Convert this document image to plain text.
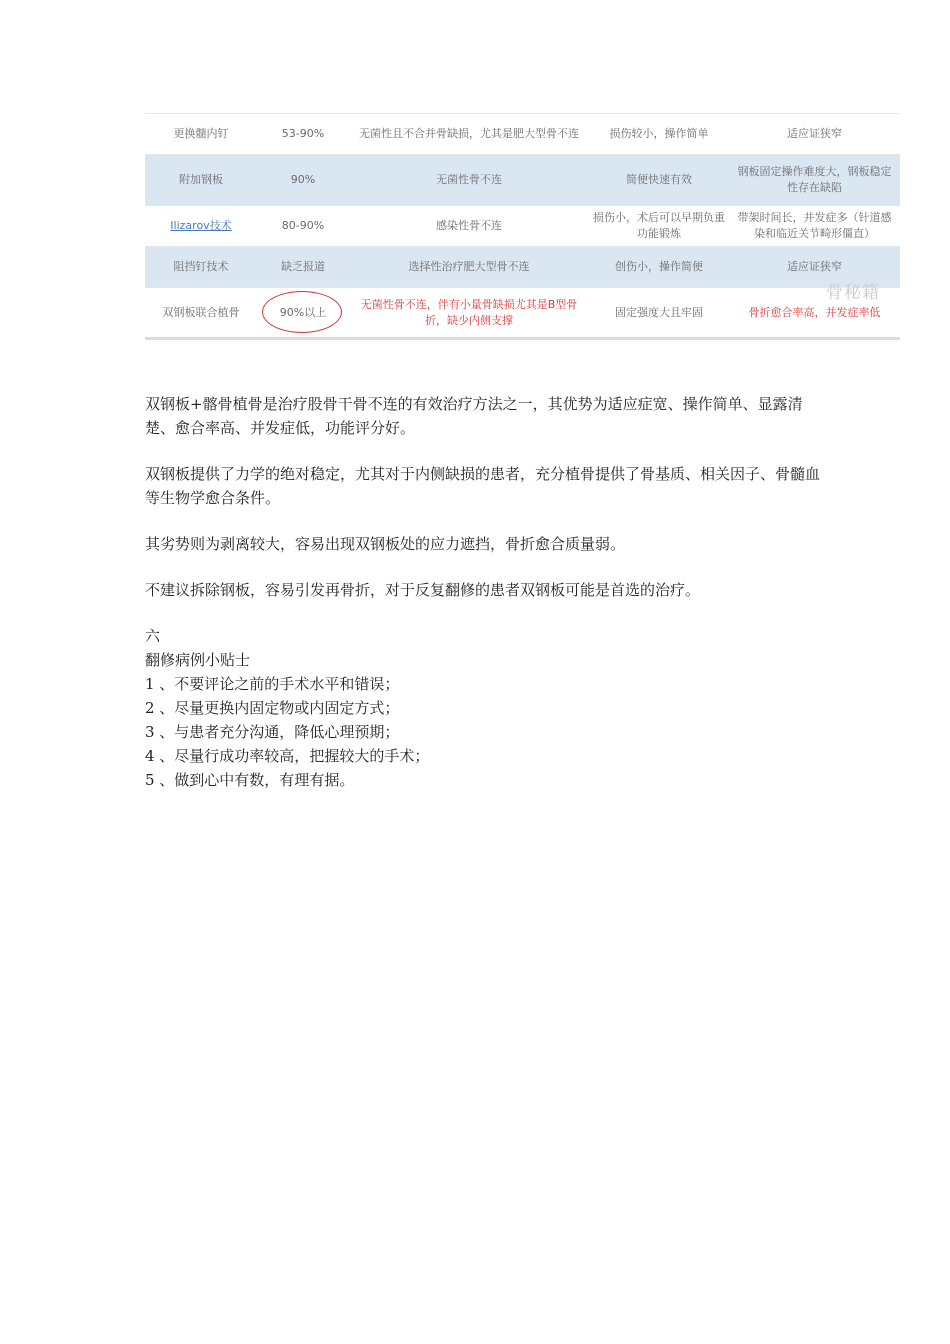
更换髓内钉	53-90%	无菌性且不合并骨缺损，尤其是肥大型骨不连	损伤较小，操作简单	适应证狭窄
附加钢板	90%	无菌性骨不连	简便快速有效	钢板固定操作难度大，钢板稳定性存在缺陷
Ilizarov技术	80-90%	感染性骨不连	损伤小，术后可以早期负重功能锻炼	带架时间长，并发症多（针道感染和临近关节畸形僵直）
阻挡钉技术	缺乏报道	选择性治疗肥大型骨不连	创伤小，操作简便	适应证狭窄
双钢板联合植骨	90%以上	无菌性骨不连，伴有小量骨缺损尤其是B型骨折，缺少内侧支撑	固定强度大且牢固	骨折愈合率高，并发症率低
骨秘籍

双钢板+髂骨植骨是治疗股骨干骨不连的有效治疗方法之一，其优势为适应症宽、操作简单、显露清楚、愈合率高、并发症低，功能评分好。

双钢板提供了力学的绝对稳定，尤其对于内侧缺损的患者，充分植骨提供了骨基质、相关因子、骨髓血等生物学愈合条件。

其劣势则为剥离较大，容易出现双钢板处的应力遮挡，骨折愈合质量弱。

不建议拆除钢板，容易引发再骨折，对于反复翻修的患者双钢板可能是首选的治疗。

六

翻修病例小贴士

1 、不要评论之前的手术水平和错误；

2 、尽量更换内固定物或内固定方式；

3 、与患者充分沟通，降低心理预期；

4 、尽量行成功率较高，把握较大的手术；

5 、做到心中有数，有理有据。
